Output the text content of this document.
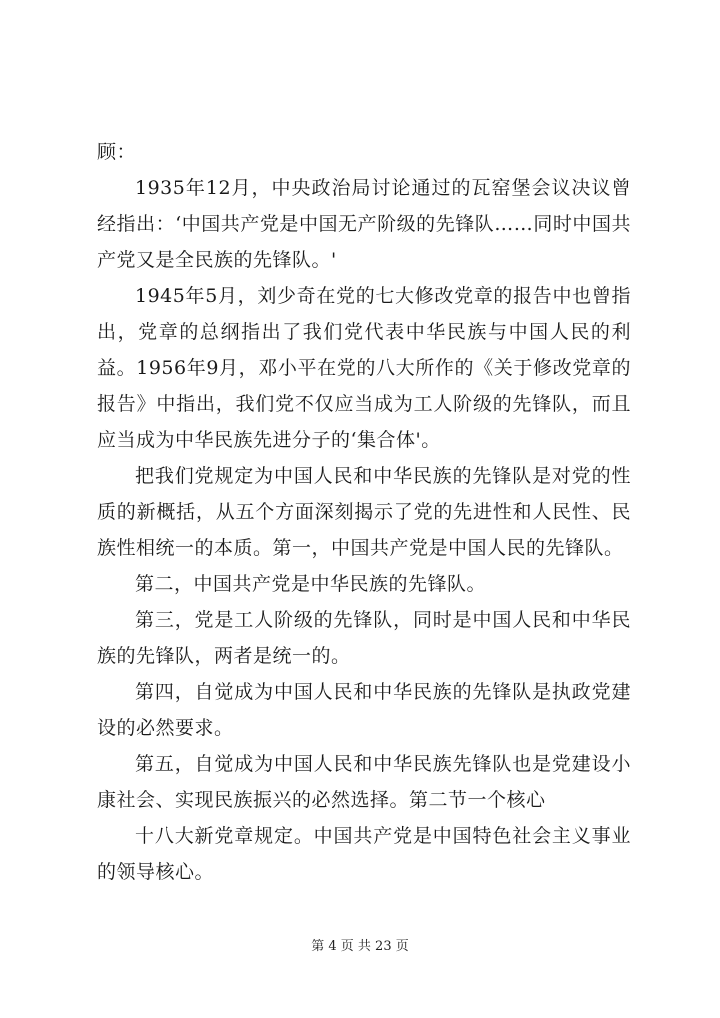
顾：

1935年12月，中央政治局讨论通过的瓦窑堡会议决议曾经指出：‘中国共产党是中国无产阶级的先锋队……同时中国共产党又是全民族的先锋队。'

1945年5月，刘少奇在党的七大修改党章的报告中也曾指出，党章的总纲指出了我们党代表中华民族与中国人民的利益。1956年9月，邓小平在党的八大所作的《关于修改党章的报告》中指出，我们党不仅应当成为工人阶级的先锋队，而且应当成为中华民族先进分子的‘集合体'。

把我们党规定为中国人民和中华民族的先锋队是对党的性质的新概括，从五个方面深刻揭示了党的先进性和人民性、民族性相统一的本质。第一，中国共产党是中国人民的先锋队。

第二，中国共产党是中华民族的先锋队。

第三，党是工人阶级的先锋队，同时是中国人民和中华民族的先锋队，两者是统一的。

第四，自觉成为中国人民和中华民族的先锋队是执政党建设的必然要求。

第五，自觉成为中国人民和中华民族先锋队也是党建设小康社会、实现民族振兴的必然选择。第二节一个核心

十八大新党章规定。中国共产党是中国特色社会主义事业的领导核心。

第 4 页 共 23 页
